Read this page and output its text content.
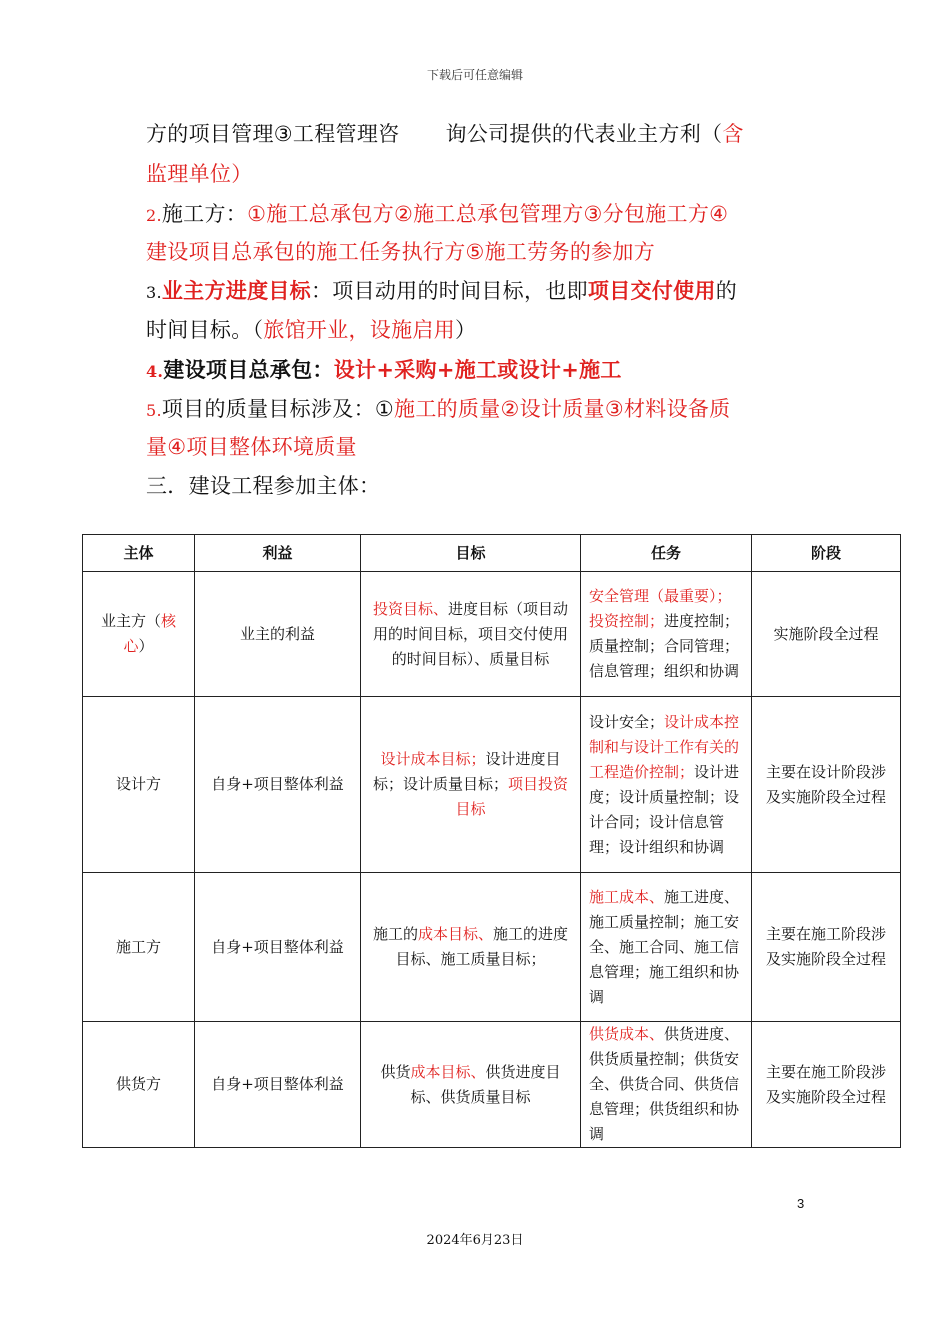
下载后可任意编辑
方的项目管理③工程管理咨 询公司提供的代表业主方利（含
监理单位）
2.施工方：①施工总承包方②施工总承包管理方③分包施工方④
建设项目总承包的施工任务执行方⑤施工劳务的参加方
3.业主方进度目标：项目动用的时间目标，也即项目交付使用的
时间目标。（旅馆开业，设施启用）
4.建设项目总承包：设计+采购+施工或设计+施工
5.项目的质量目标涉及：①施工的质量②设计质量③材料设备质
量④项目整体环境质量
三．建设工程参加主体：
主体	利益	目标	任务	阶段
业主方（核
心）	业主的利益	投资目标、进度目标（项目动用的时间目标，项目交付使用的时间目标）、质量目标	安全管理（最重要）；投资控制；进度控制；质量控制；合同管理；信息管理；组织和协调	实施阶段全过程
设计方	自身+项目整体利益	设计成本目标；设计进度目标；设计质量目标；项目投资目标	设计安全；设计成本控制和与设计工作有关的工程造价控制；设计进度；设计质量控制；设计合同；设计信息管理；设计组织和协调	主要在设计阶段涉及实施阶段全过程
施工方	自身+项目整体利益	施工的成本目标、施工的进度目标、施工质量目标；	施工成本、施工进度、施工质量控制；施工安全、施工合同、施工信息管理；施工组织和协调	主要在施工阶段涉及实施阶段全过程
供货方	自身+项目整体利益	供货成本目标、供货进度目标、供货质量目标	供货成本、供货进度、供货质量控制；供货安全、供货合同、供货信息管理；供货组织和协调	主要在施工阶段涉及实施阶段全过程
3
2024年6月23日
